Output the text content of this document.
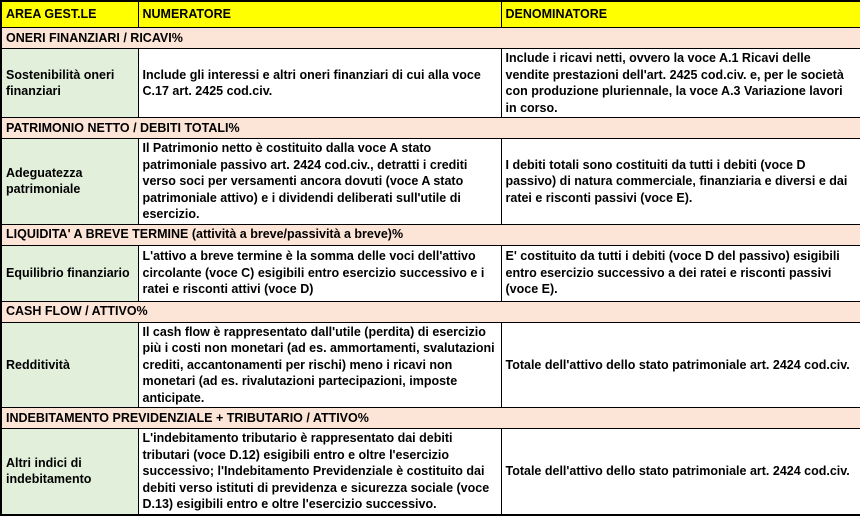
AREA GEST.LE	NUMERATORE	DENOMINATORE
ONERI FINANZIARI / RICAVI%		
Sostenibilità oneri finanziari	Include gli interessi e altri oneri finanziari di cui alla voce C.17 art. 2425 cod.civ.	Include i ricavi netti, ovvero la voce A.1 Ricavi delle vendite prestazioni dell'art. 2425 cod.civ. e, per le società con produzione pluriennale, la voce A.3 Variazione lavori in corso.
PATRIMONIO NETTO / DEBITI TOTALI%		
Adeguatezza patrimoniale	Il Patrimonio netto è costituito dalla voce A stato patrimoniale passivo art. 2424 cod.civ., detratti i crediti verso soci per versamenti ancora dovuti (voce A stato patrimoniale attivo) e i dividendi deliberati sull'utile di esercizio.	I debiti totali sono costituiti da tutti i debiti (voce D passivo) di natura commerciale, finanziaria e diversi e dai ratei e risconti passivi (voce E).
LIQUIDITA' A BREVE TERMINE (attività a breve/passività a breve)%		
Equilibrio finanziario	L'attivo a breve termine è la somma delle voci dell'attivo circolante (voce C) esigibili entro esercizio successivo e i ratei e risconti attivi (voce D)	E' costituito da tutti i debiti (voce D del passivo) esigibili entro esercizio successivo a dei ratei e risconti passivi (voce E).
CASH FLOW / ATTIVO%		
Redditività	Il cash flow è rappresentato dall'utile (perdita) di esercizio più i costi non monetari (ad es. ammortamenti, svalutazioni crediti, accantonamenti per rischi) meno i ricavi non monetari (ad es. rivalutazioni partecipazioni, imposte anticipate.	Totale dell'attivo dello stato patrimoniale art. 2424 cod.civ.
INDEBITAMENTO PREVIDENZIALE + TRIBUTARIO / ATTIVO%		
Altri indici di indebitamento	L'indebitamento tributario è rappresentato dai debiti tributari (voce D.12) esigibili entro e oltre l'esercizio successivo; l'Indebitamento Previdenziale è costituito dai debiti verso istituti di previdenza e sicurezza sociale (voce D.13) esigibili entro e oltre l'esercizio successivo.	Totale dell'attivo dello stato patrimoniale art. 2424 cod.civ.
